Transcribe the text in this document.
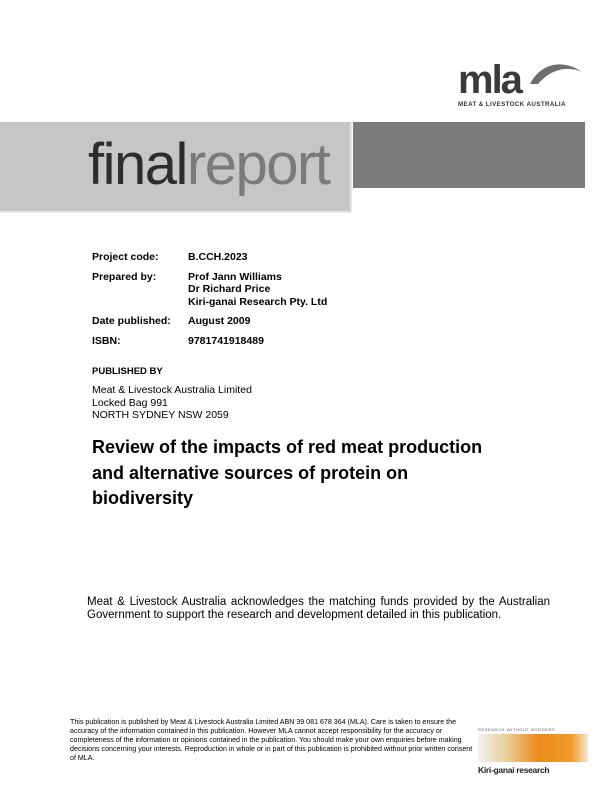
mla
MEAT & LIVESTOCK AUSTRALIA
finalreport
Project code:	B.CCH.2023
Prepared by:	Prof Jann Williams
Dr Richard Price
Kiri-ganai Research Pty. Ltd
Date published:	August 2009
ISBN:	9781741918489
PUBLISHED BY
Meat & Livestock Australia Limited
Locked Bag 991
NORTH SYDNEY NSW 2059
Review of the impacts of red meat production and alternative sources of protein on biodiversity
Meat & Livestock Australia acknowledges the matching funds provided by the Australian Government to support the research and development detailed in this publication.
This publication is published by Meat & Livestock Australia Limited ABN 39 081 678 364 (MLA). Care is taken to ensure the accuracy of the information contained in this publication. However MLA cannot accept responsibility for the accuracy or completeness of the information or opinions contained in the publication. You should make your own enquiries before making decisions concerning your interests. Reproduction in whole or in part of this publication is prohibited without prior written consent of MLA.
RESEARCH WITHOUT BORDERS
Kiri-ganai research
